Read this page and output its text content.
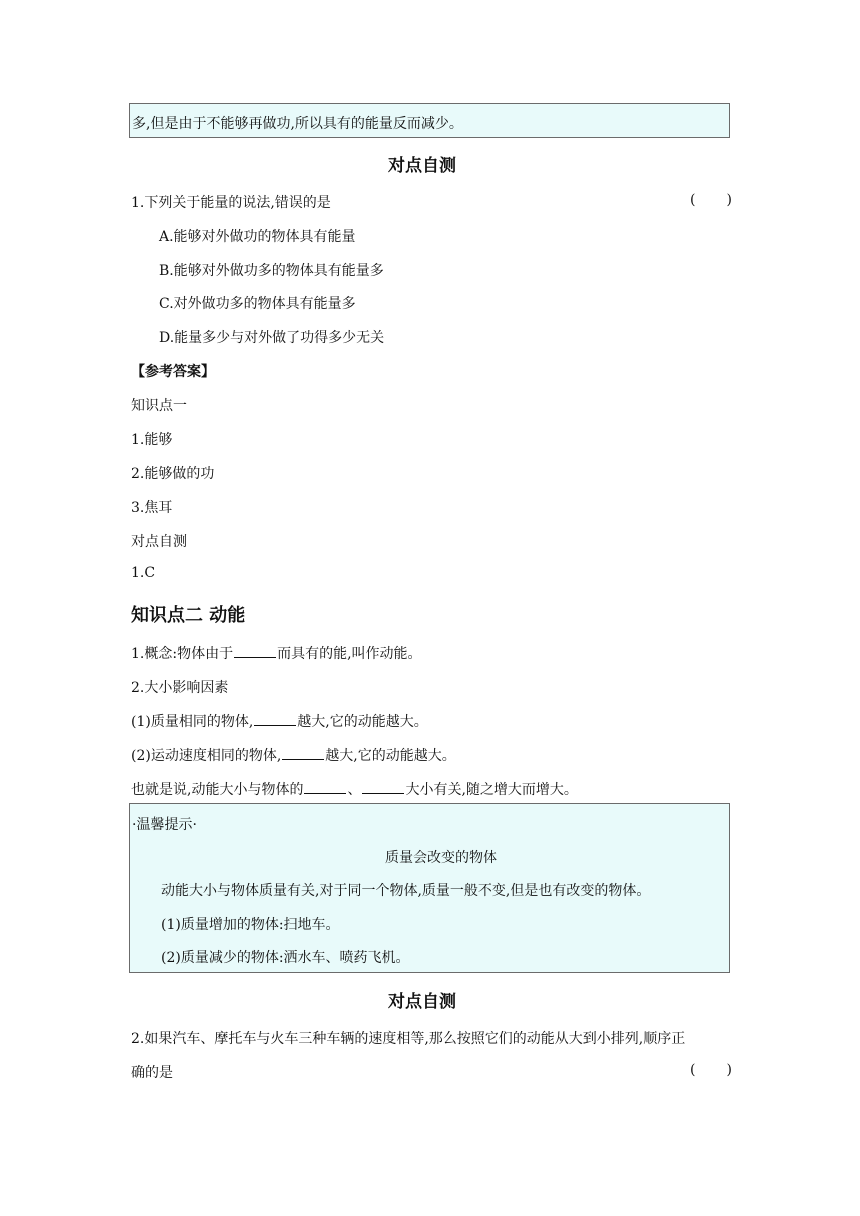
多,但是由于不能够再做功,所以具有的能量反而减少。
对点自测
1.下列关于能量的说法,错误的是	( )
A.能够对外做功的物体具有能量
B.能够对外做功多的物体具有能量多
C.对外做功多的物体具有能量多
D.能量多少与对外做了功得多少无关
【参考答案】
知识点一
1.能够
2.能够做的功
3.焦耳
对点自测
1.C
知识点二 动能
1.概念:物体由于	而具有的能,叫作动能。
2.大小影响因素
(1)质量相同的物体,	越大,它的动能越大。
(2)运动速度相同的物体,	越大,它的动能越大。
也就是说,动能大小与物体的	、	大小有关,随之增大而增大。
·温馨提示·
质量会改变的物体
动能大小与物体质量有关,对于同一个物体,质量一般不变,但是也有改变的物体。
(1)质量增加的物体:扫地车。
(2)质量减少的物体:洒水车、喷药飞机。
对点自测
2.如果汽车、摩托车与火车三种车辆的速度相等,那么按照它们的动能从大到小排列,顺序正
确的是	( )
